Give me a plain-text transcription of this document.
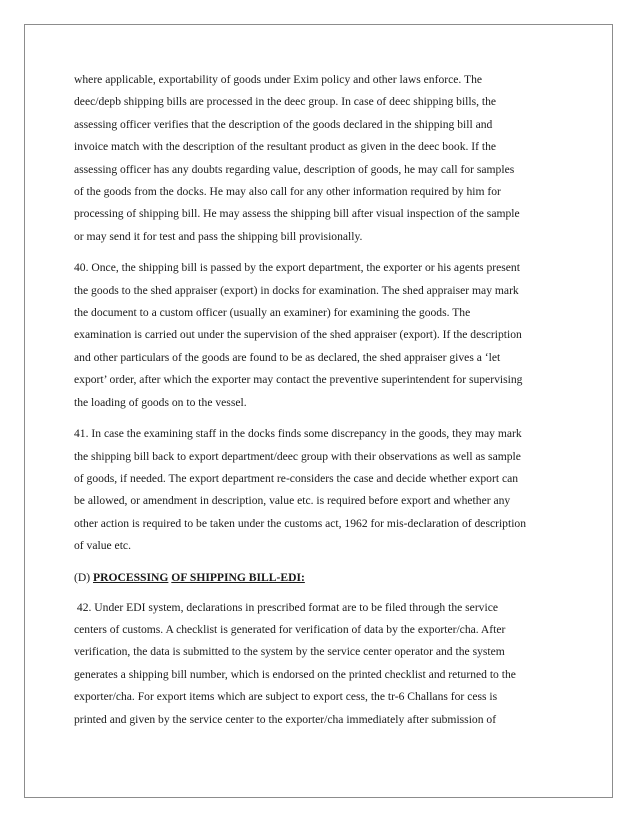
where applicable, exportability of goods under Exim policy and other laws enforce. The
deec/depb shipping bills are processed in the deec group. In case of deec shipping bills, the
assessing officer verifies that the description of the goods declared in the shipping bill and
invoice match with the description of the resultant product as given in the deec book. If the
assessing officer has any doubts regarding value, description of goods, he may call for samples
of the goods from the docks. He may also call for any other information required by him for
processing of shipping bill. He may assess the shipping bill after visual inspection of the sample
or may send it for test and pass the shipping bill provisionally.

40. Once, the shipping bill is passed by the export department, the exporter or his agents present
the goods to the shed appraiser (export) in docks for examination. The shed appraiser may mark
the document to a custom officer (usually an examiner) for examining the goods. The
examination is carried out under the supervision of the shed appraiser (export). If the description
and other particulars of the goods are found to be as declared, the shed appraiser gives a ‘let
export’ order, after which the exporter may contact the preventive superintendent for supervising
the loading of goods on to the vessel.

41. In case the examining staff in the docks finds some discrepancy in the goods, they may mark
the shipping bill back to export department/deec group with their observations as well as sample
of goods, if needed. The export department re-considers the case and decide whether export can
be allowed, or amendment in description, value etc. is required before export and whether any
other action is required to be taken under the customs act, 1962 for mis-declaration of description
of value etc.

(D) PROCESSING OF SHIPPING BILL-EDI:

42. Under EDI system, declarations in prescribed format are to be filed through the service
centers of customs. A checklist is generated for verification of data by the exporter/cha. After
verification, the data is submitted to the system by the service center operator and the system
generates a shipping bill number, which is endorsed on the printed checklist and returned to the
exporter/cha. For export items which are subject to export cess, the tr-6 Challans for cess is
printed and given by the service center to the exporter/cha immediately after submission of
